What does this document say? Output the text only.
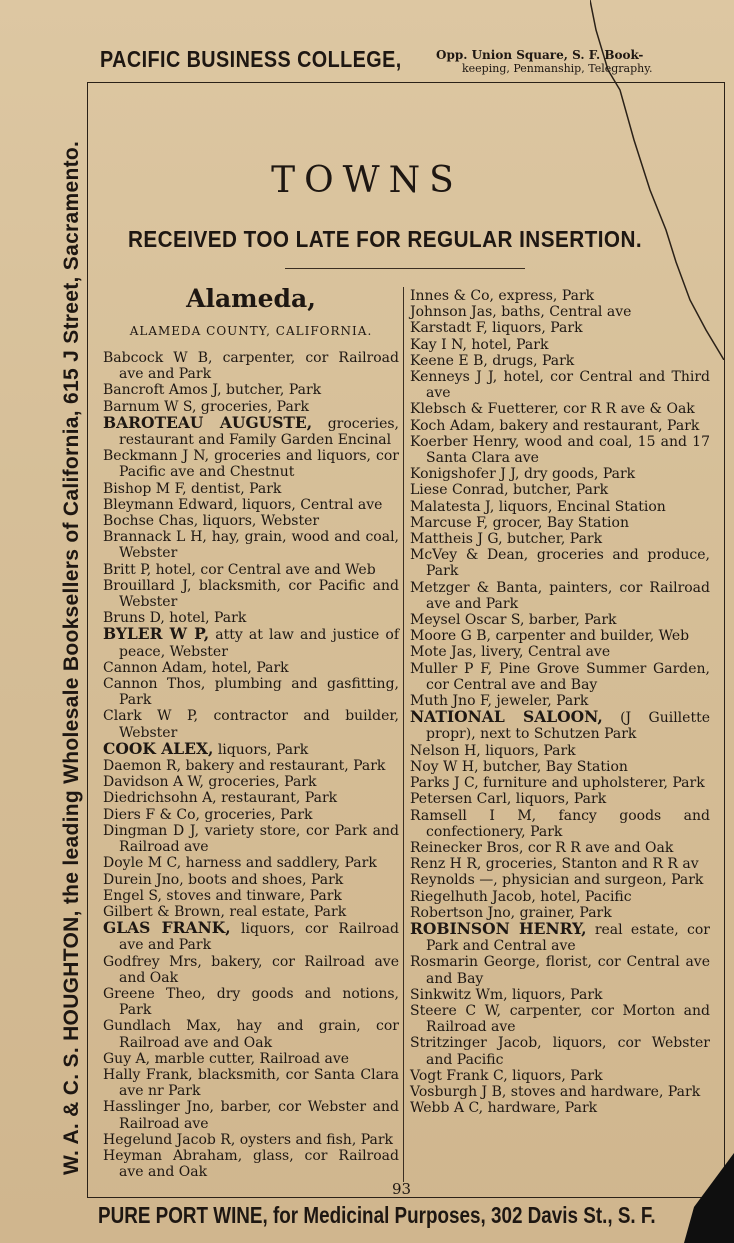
PACIFIC BUSINESS COLLEGE,	Opp. Union Square, S. F. Book-
keeping, Penmanship, Telegraphy.
W. A. & C. S. HOUGHTON, the leading Wholesale Booksellers of California, 615 J Street, Sacramento.	TOWNS
RECEIVED TOO LATE FOR REGULAR INSERTION.
Alameda,
ALAMEDA COUNTY, CALIFORNIA.
Babcock W B, carpenter, cor Railroad ave and Park
Bancroft Amos J, butcher, Park
Barnum W S, groceries, Park
BAROTEAU AUGUSTE, groceries, restaurant and Family Garden Encinal
Beckmann J N, groceries and liquors, cor Pacific ave and Chestnut
Bishop M F, dentist, Park
Bleymann Edward, liquors, Central ave
Bochse Chas, liquors, Webster
Brannack L H, hay, grain, wood and coal, Webster
Britt P, hotel, cor Central ave and Web
Brouillard J, blacksmith, cor Pacific and Webster
Bruns D, hotel, Park
BYLER W P, atty at law and justice of peace, Webster
Cannon Adam, hotel, Park
Cannon Thos, plumbing and gasfitting, Park
Clark W P, contractor and builder, Webster
COOK ALEX, liquors, Park
Daemon R, bakery and restaurant, Park
Davidson A W, groceries, Park
Diedrichsohn A, restaurant, Park
Diers F & Co, groceries, Park
Dingman D J, variety store, cor Park and Railroad ave
Doyle M C, harness and saddlery, Park
Durein Jno, boots and shoes, Park
Engel S, stoves and tinware, Park
Gilbert & Brown, real estate, Park
GLAS FRANK, liquors, cor Railroad ave and Park
Godfrey Mrs, bakery, cor Railroad ave and Oak
Greene Theo, dry goods and notions, Park
Gundlach Max, hay and grain, cor Railroad ave and Oak
Guy A, marble cutter, Railroad ave
Hally Frank, blacksmith, cor Santa Clara ave nr Park
Hasslinger Jno, barber, cor Webster and Railroad ave
Hegelund Jacob R, oysters and fish, Park
Heyman Abraham, glass, cor Railroad ave and Oak
Innes & Co, express, Park
Johnson Jas, baths, Central ave
Karstadt F, liquors, Park
Kay I N, hotel, Park
Keene E B, drugs, Park
Kenneys J J, hotel, cor Central and Third ave
Klebsch & Fuetterer, cor R R ave & Oak
Koch Adam, bakery and restaurant, Park
Koerber Henry, wood and coal, 15 and 17 Santa Clara ave
Konigshofer J J, dry goods, Park
Liese Conrad, butcher, Park
Malatesta J, liquors, Encinal Station
Marcuse F, grocer, Bay Station
Mattheis J G, butcher, Park
McVey & Dean, groceries and produce, Park
Metzger & Banta, painters, cor Railroad ave and Park
Meysel Oscar S, barber, Park
Moore G B, carpenter and builder, Web
Mote Jas, livery, Central ave
Muller P F, Pine Grove Summer Garden, cor Central ave and Bay
Muth Jno F, jeweler, Park
NATIONAL SALOON, (J Guillette propr), next to Schutzen Park
Nelson H, liquors, Park
Noy W H, butcher, Bay Station
Parks J C, furniture and upholsterer, Park
Petersen Carl, liquors, Park
Ramsell I M, fancy goods and confectionery, Park
Reinecker Bros, cor R R ave and Oak
Renz H R, groceries, Stanton and R R av
Reynolds —, physician and surgeon, Park
Riegelhuth Jacob, hotel, Pacific
Robertson Jno, grainer, Park
ROBINSON HENRY, real estate, cor Park and Central ave
Rosmarin George, florist, cor Central ave and Bay
Sinkwitz Wm, liquors, Park
Steere C W, carpenter, cor Morton and Railroad ave
Stritzinger Jacob, liquors, cor Webster and Pacific
Vogt Frank C, liquors, Park
Vosburgh J B, stoves and hardware, Park
Webb A C, hardware, Park
93
PURE PORT WINE, for Medicinal Purposes, 302 Davis St., S. F.
